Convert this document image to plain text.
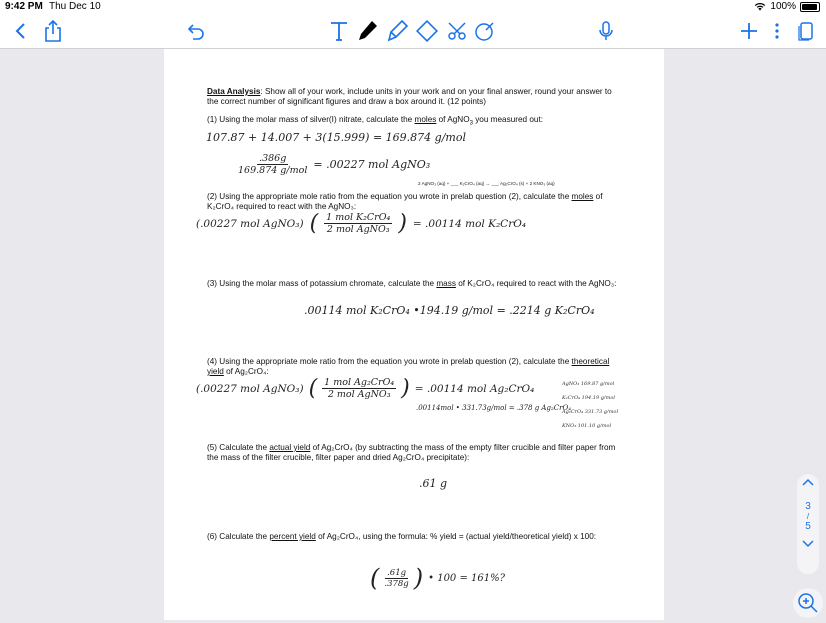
9:42 PM Thu Dec 10	100%
Data Analysis: Show all of your work, include units in your work and on your final answer, round your answer to the correct number of significant figures and draw a box around it. (12 points)
(1) Using the molar mass of silver(I) nitrate, calculate the moles of AgNO$_3$ you measured out:
107.87 + 14.007 + 3(15.999) = 169.874 g/mol
$\frac{.386g}{\text{169.874 g/mol}} = .00227$ mol AgNO₃
2 AgNO₃ (aq) + ___ K₂CrO₄ (aq) → ___ Ag₂CrO₄ (s) + 2 KNO₃ (aq)
(2) Using the appropriate mole ratio from the equation you wrote in prelab question (2), calculate the moles of K₂CrO₄ required to react with the AgNO₃:
(.00227 mol AgNO₃) ( $\frac{\text{1 mol K₂CrO₄}}{\text{2 mol AgNO₃}}$ ) = .00114 mol K₂CrO₄
(3) Using the molar mass of potassium chromate, calculate the mass of K₂CrO₄ required to react with the AgNO₃:
.00114 mol K₂CrO₄ •194.19 g/mol = .2214 g K₂CrO₄
(4) Using the appropriate mole ratio from the equation you wrote in prelab question (2), calculate the theoretical yield of Ag₂CrO₄:
(.00227 mol AgNO₃) ( $\frac{\text{1 mol Ag₂CrO₄}}{\text{2 mol AgNO₃}}$ ) = .00114 mol Ag₂CrO₄
.00114mol • 331.73g/mol = .378 g Ag₂CrO₄
AgNO₃ 169.87 g/mol
K₂CrO₄ 194.19 g/mol
Ag₂CrO₄ 331.73 g/mol
KNO₃ 101.10 g/mol
(5) Calculate the actual yield of Ag₂CrO₄ (by subtracting the mass of the empty filter crucible and filter paper from the mass of the filter crucible, filter paper and dried Ag₂CrO₄ precipitate):
.61 g
(6) Calculate the percent yield of Ag₂CrO₄, using the formula: % yield = (actual yield/theoretical yield) x 100:
( $\frac{.61g}{.378g}$ ) • 100 = 161%?
3
/
5
